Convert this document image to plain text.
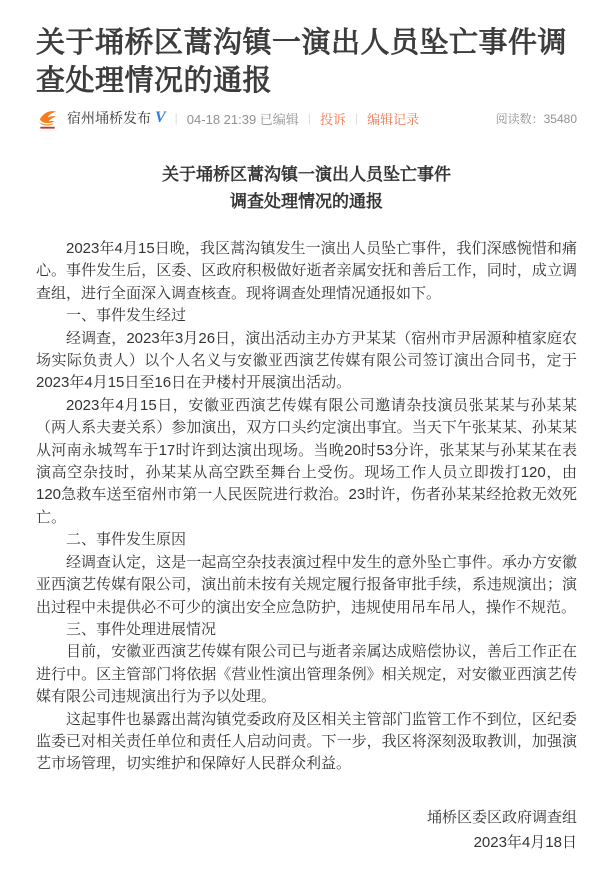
关于埇桥区蒿沟镇一演出人员坠亡事件调查处理情况的通报
宿州埇桥发布 V | 04-18 21:39 已编辑 | 投诉 | 编辑记录	阅读数：35480
关于埇桥区蒿沟镇一演出人员坠亡事件
调查处理情况的通报

2023年4月15日晚，我区蒿沟镇发生一演出人员坠亡事件，我们深感惋惜和痛心。事件发生后，区委、区政府积极做好逝者亲属安抚和善后工作，同时，成立调查组，进行全面深入调查核查。现将调查处理情况通报如下。

一、事件发生经过

经调查，2023年3月26日，演出活动主办方尹某某（宿州市尹居源种植家庭农场实际负责人）以个人名义与安徽亚西演艺传媒有限公司签订演出合同书，定于2023年4月15日至16日在尹楼村开展演出活动。

2023年4月15日，安徽亚西演艺传媒有限公司邀请杂技演员张某某与孙某某（两人系夫妻关系）参加演出，双方口头约定演出事宜。当天下午张某某、孙某某从河南永城驾车于17时许到达演出现场。当晚20时53分许，张某某与孙某某在表演高空杂技时，孙某某从高空跌至舞台上受伤。现场工作人员立即拨打120，由120急救车送至宿州市第一人民医院进行救治。23时许，伤者孙某某经抢救无效死亡。

二、事件发生原因

经调查认定，这是一起高空杂技表演过程中发生的意外坠亡事件。承办方安徽亚西演艺传媒有限公司，演出前未按有关规定履行报备审批手续，系违规演出；演出过程中未提供必不可少的演出安全应急防护，违规使用吊车吊人，操作不规范。

三、事件处理进展情况

目前，安徽亚西演艺传媒有限公司已与逝者亲属达成赔偿协议，善后工作正在进行中。区主管部门将依据《营业性演出管理条例》相关规定，对安徽亚西演艺传媒有限公司违规演出行为予以处理。

这起事件也暴露出蒿沟镇党委政府及区相关主管部门监管工作不到位，区纪委监委已对相关责任单位和责任人启动问责。下一步，我区将深刻汲取教训，加强演艺市场管理，切实维护和保障好人民群众利益。

埇桥区委区政府调查组
2023年4月18日
